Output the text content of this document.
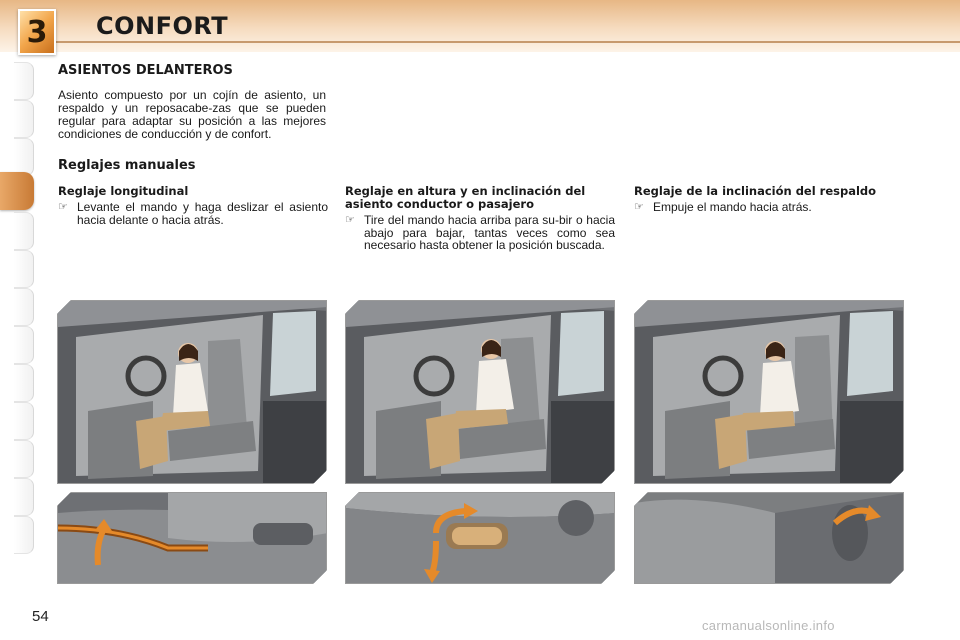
3	CONFORT
ASIENTOS DELANTEROS
Asiento compuesto por un cojín de asiento, un respaldo y un reposacabe-zas que se pueden regular para adaptar su posición a las mejores condiciones de conducción y de confort.
Reglajes manuales
Reglaje longitudinal
☞ Levante el mando y haga deslizar el asiento hacia delante o hacia atrás.
Reglaje en altura y en inclinación del asiento conductor o pasajero
☞ Tire del mando hacia arriba para su-bir o hacia abajo para bajar, tantas veces como sea necesario hasta obtener la posición buscada.
Reglaje de la inclinación del respaldo
☞ Empuje el mando hacia atrás.
54
carmanualsonline.info
